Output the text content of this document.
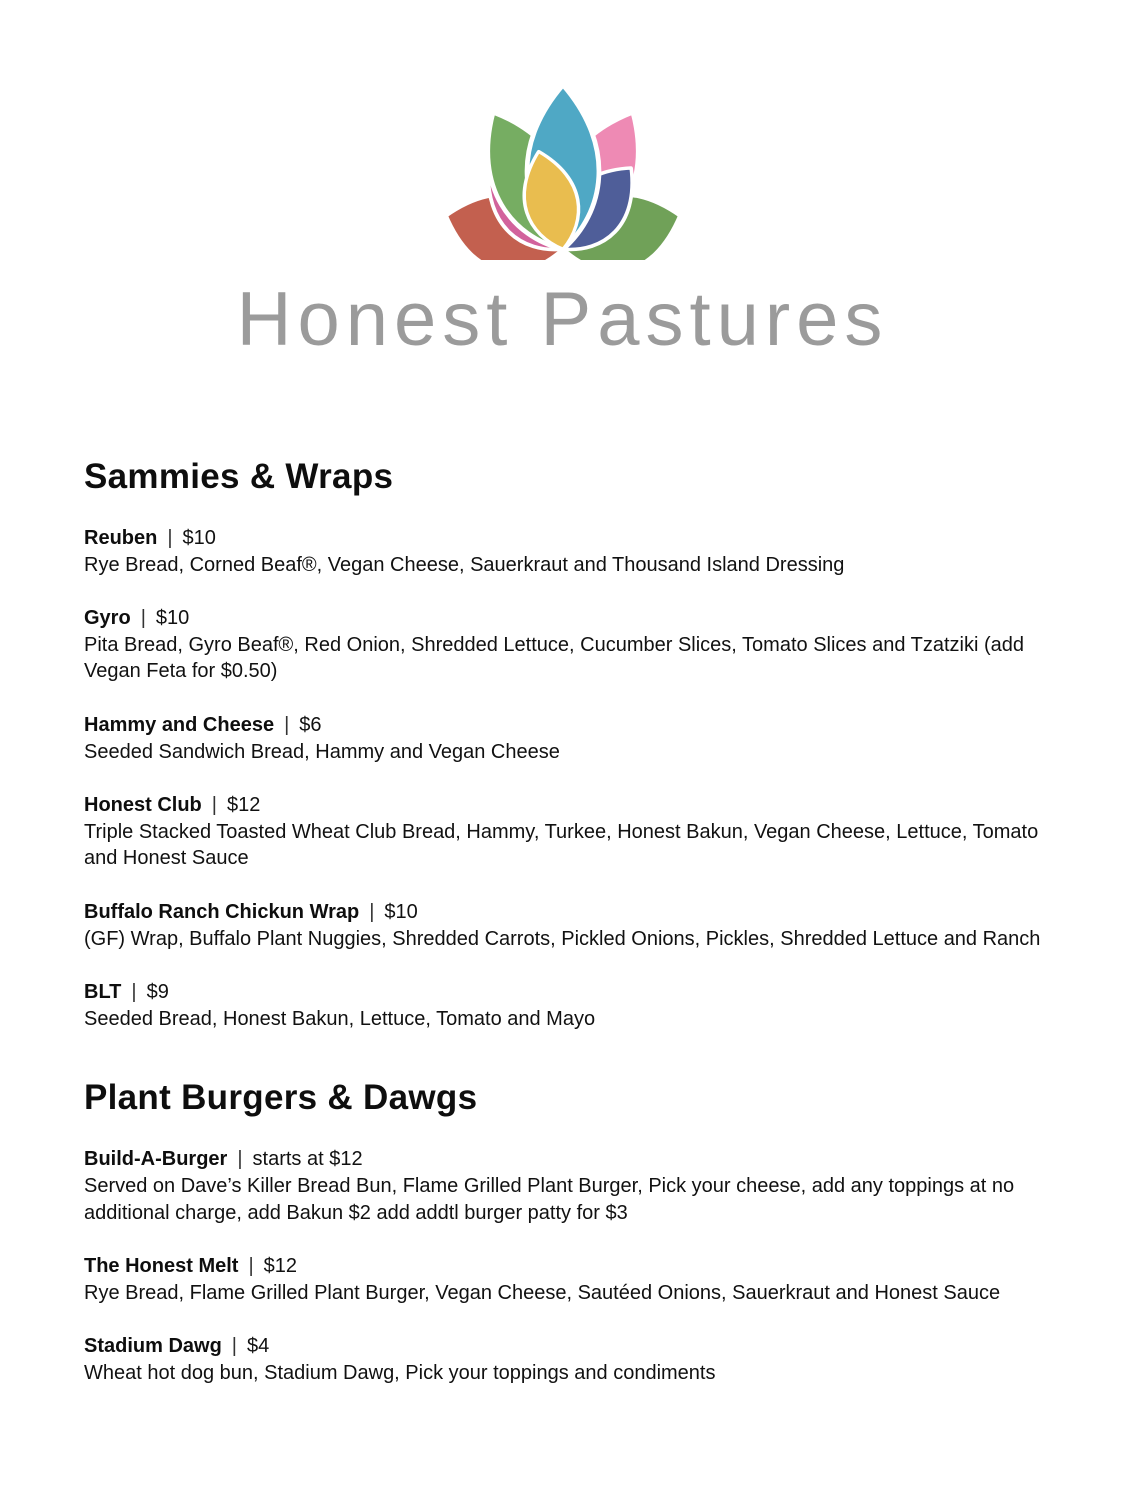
Honest Pastures
Sammies & Wraps
Reuben | $10
Rye Bread, Corned Beaf®, Vegan Cheese, Sauerkraut and Thousand Island Dressing
Gyro | $10
Pita Bread, Gyro Beaf®, Red Onion, Shredded Lettuce, Cucumber Slices, Tomato Slices and Tzatziki (add Vegan Feta for $0.50)
Hammy and Cheese | $6
Seeded Sandwich Bread, Hammy and Vegan Cheese
Honest Club | $12
Triple Stacked Toasted Wheat Club Bread, Hammy, Turkee, Honest Bakun, Vegan Cheese, Lettuce, Tomato and Honest Sauce
Buffalo Ranch Chickun Wrap | $10
(GF) Wrap, Buffalo Plant Nuggies, Shredded Carrots, Pickled Onions, Pickles, Shredded Lettuce and Ranch
BLT | $9
Seeded Bread, Honest Bakun, Lettuce, Tomato and Mayo
Plant Burgers & Dawgs
Build-A-Burger | starts at $12
Served on Dave’s Killer Bread Bun, Flame Grilled Plant Burger, Pick your cheese, add any toppings at no additional charge, add Bakun $2 add addtl burger patty for $3
The Honest Melt | $12
Rye Bread, Flame Grilled Plant Burger, Vegan Cheese, Sautéed Onions, Sauerkraut and Honest Sauce
Stadium Dawg | $4
Wheat hot dog bun, Stadium Dawg, Pick your toppings and condiments
